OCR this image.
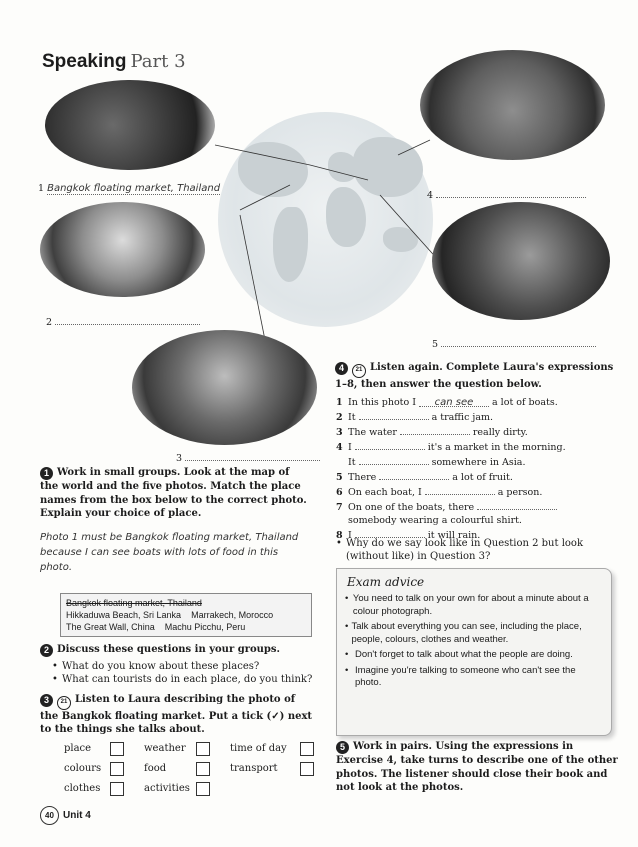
Speaking Part 3
1 Bangkok floating market, Thailand
2
3
4
5
1 Work in small groups. Look at the map of the world and the five photos. Match the place names from the box below to the correct photo. Explain your choice of place.
Photo 1 must be Bangkok floating market, Thailand because I can see boats with lots of food in this photo.
Bangkok floating market, Thailand
Hikkaduwa Beach, Sri Lanka Marrakech, Morocco
The Great Wall, China Machu Picchu, Peru
2 Discuss these questions in your groups.
• What do you know about these places?
• What can tourists do in each place, do you think?
3 21 Listen to Laura describing the photo of the Bangkok floating market. Put a tick (✓) next to the things she talks about.
place	weather	time of day
colours	food	transport
clothes	activities
40 Unit 4
4 21 Listen again. Complete Laura's expressions 1–8, then answer the question below.
1 In this photo I can see a lot of boats.
2 It	a traffic jam.
3 The water	really dirty.
4 I	it's a market in the morning.
It	somewhere in Asia.
5 There	a lot of fruit.
6 On each boat, I	a person.
7 On one of the boats, there
somebody wearing a colourful shirt.
8 I	it will rain.
• Why do we say look like in Question 2 but look (without like) in Question 3?
Exam advice
• You need to talk on your own for about a minute about a colour photograph.
• Talk about everything you can see, including the place, people, colours, clothes and weather.
• Don't forget to talk about what the people are doing.
• Imagine you're talking to someone who can't see the photo.
5 Work in pairs. Using the expressions in Exercise 4, take turns to describe one of the other photos. The listener should close their book and not look at the photos.
